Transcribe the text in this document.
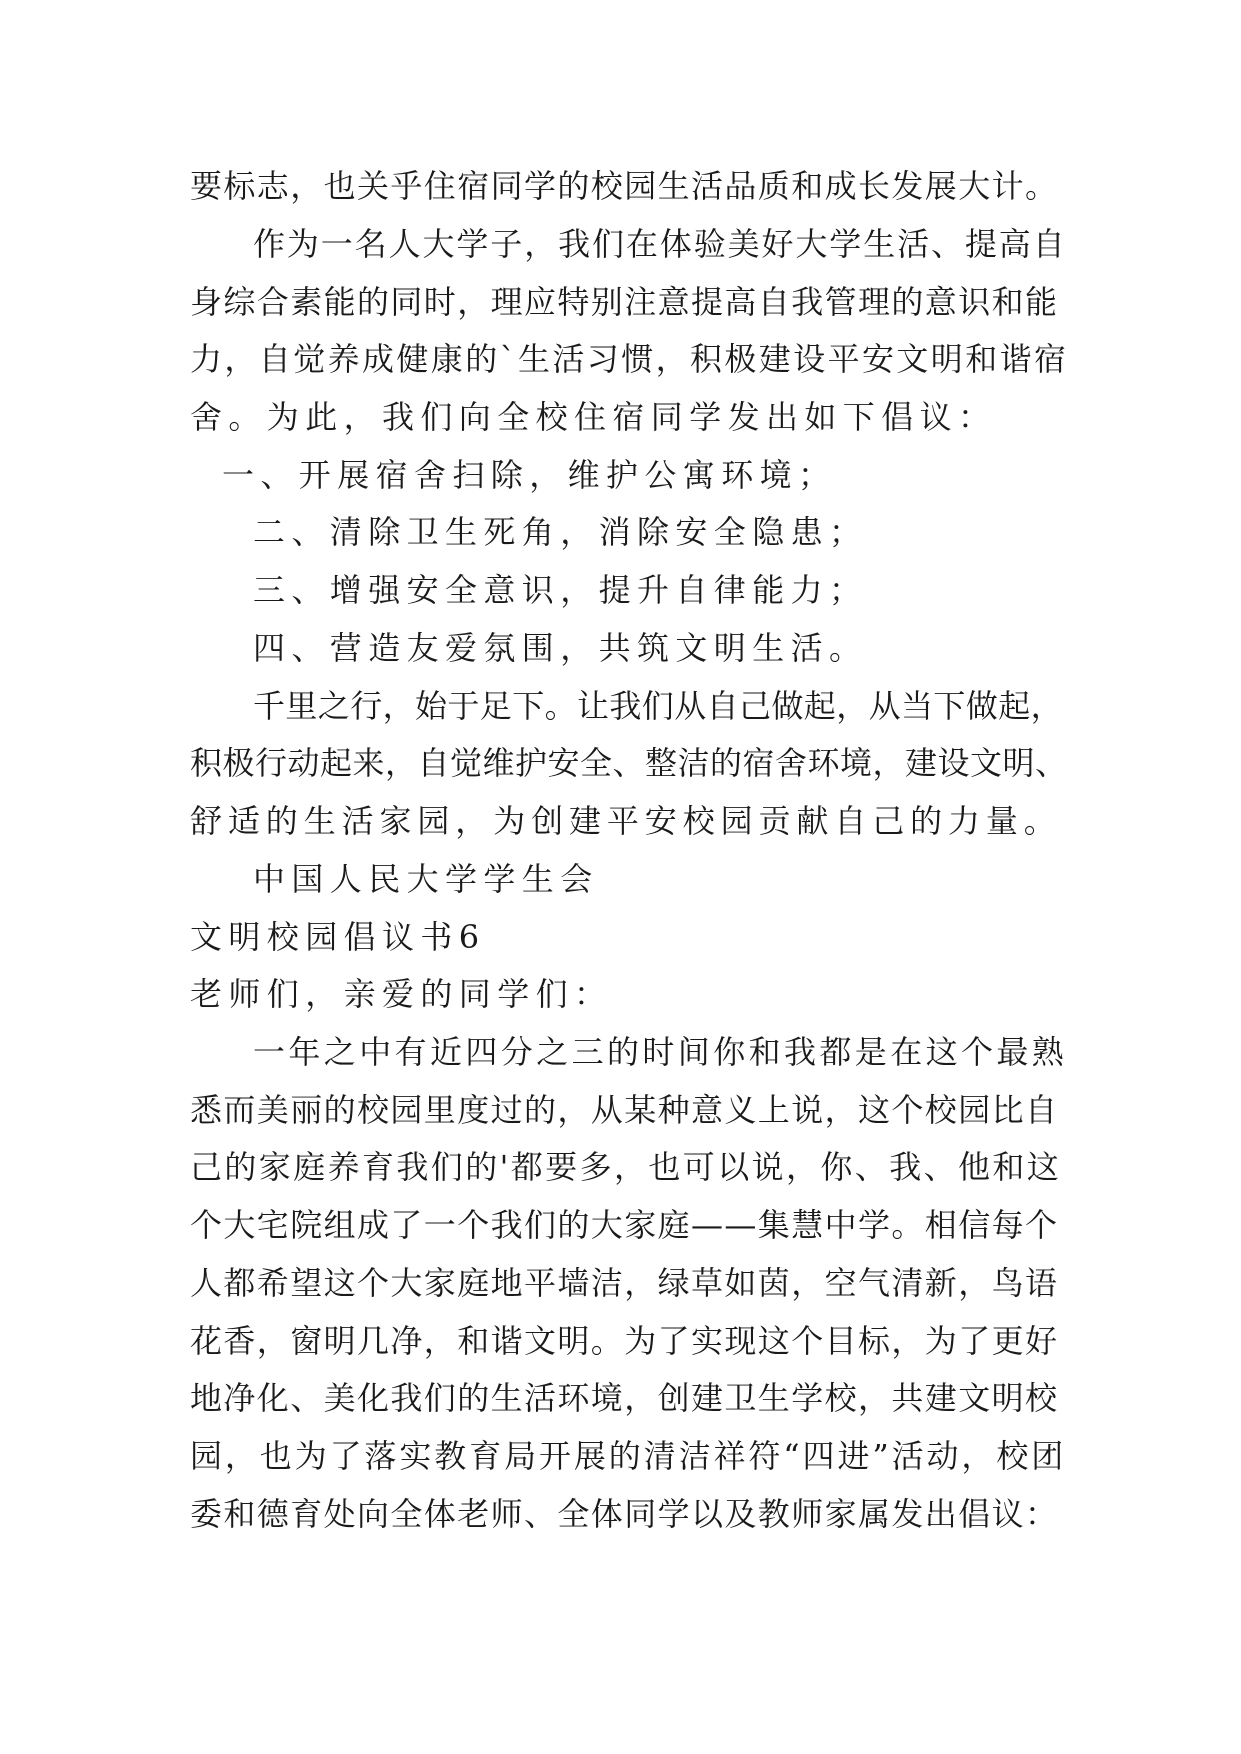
要标志，也关乎住宿同学的校园生活品质和成长发展大计。
作为一名人大学子，我们在体验美好大学生活、提高自
身综合素能的同时，理应特别注意提高自我管理的意识和能
力，自觉养成健康的`生活习惯，积极建设平安文明和谐宿
舍。为此，我们向全校住宿同学发出如下倡议：
一、开展宿舍扫除，维护公寓环境；
二、清除卫生死角，消除安全隐患；
三、增强安全意识，提升自律能力；
四、营造友爱氛围，共筑文明生活。
千里之行，始于足下。让我们从自己做起，从当下做起，
积极行动起来，自觉维护安全、整洁的宿舍环境，建设文明、
舒适的生活家园，为创建平安校园贡献自己的力量。
中国人民大学学生会
文明校园倡议书6
老师们，亲爱的同学们：
一年之中有近四分之三的时间你和我都是在这个最熟
悉而美丽的校园里度过的，从某种意义上说，这个校园比自
己的家庭养育我们的'都要多，也可以说，你、我、他和这
个大宅院组成了一个我们的大家庭——集慧中学。相信每个
人都希望这个大家庭地平墙洁，绿草如茵，空气清新，鸟语
花香，窗明几净，和谐文明。为了实现这个目标，为了更好
地净化、美化我们的生活环境，创建卫生学校，共建文明校
园，也为了落实教育局开展的清洁祥符“四进”活动，校团
委和德育处向全体老师、全体同学以及教师家属发出倡议：
